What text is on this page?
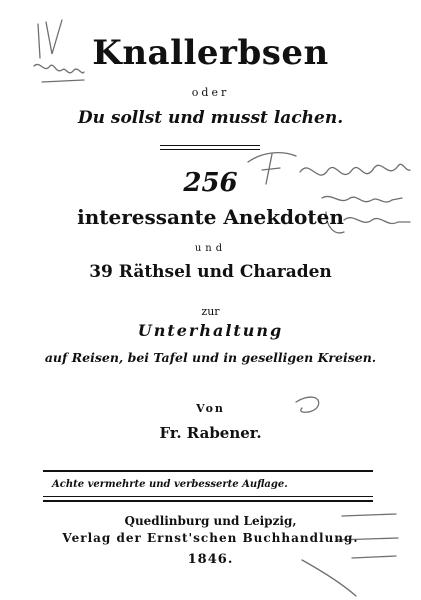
Knallerbsen
oder
Du sollst und musst lachen.
256
interessante Anekdoten
und
39 Räthsel und Charaden
zur
Unterhaltung
auf Reisen, bei Tafel und in geselligen Kreisen.
Von
Fr. Rabener.
Achte vermehrte und verbesserte Auflage.
Quedlinburg und Leipzig,
Verlag der Ernst'schen Buchhandlung.
1846.
